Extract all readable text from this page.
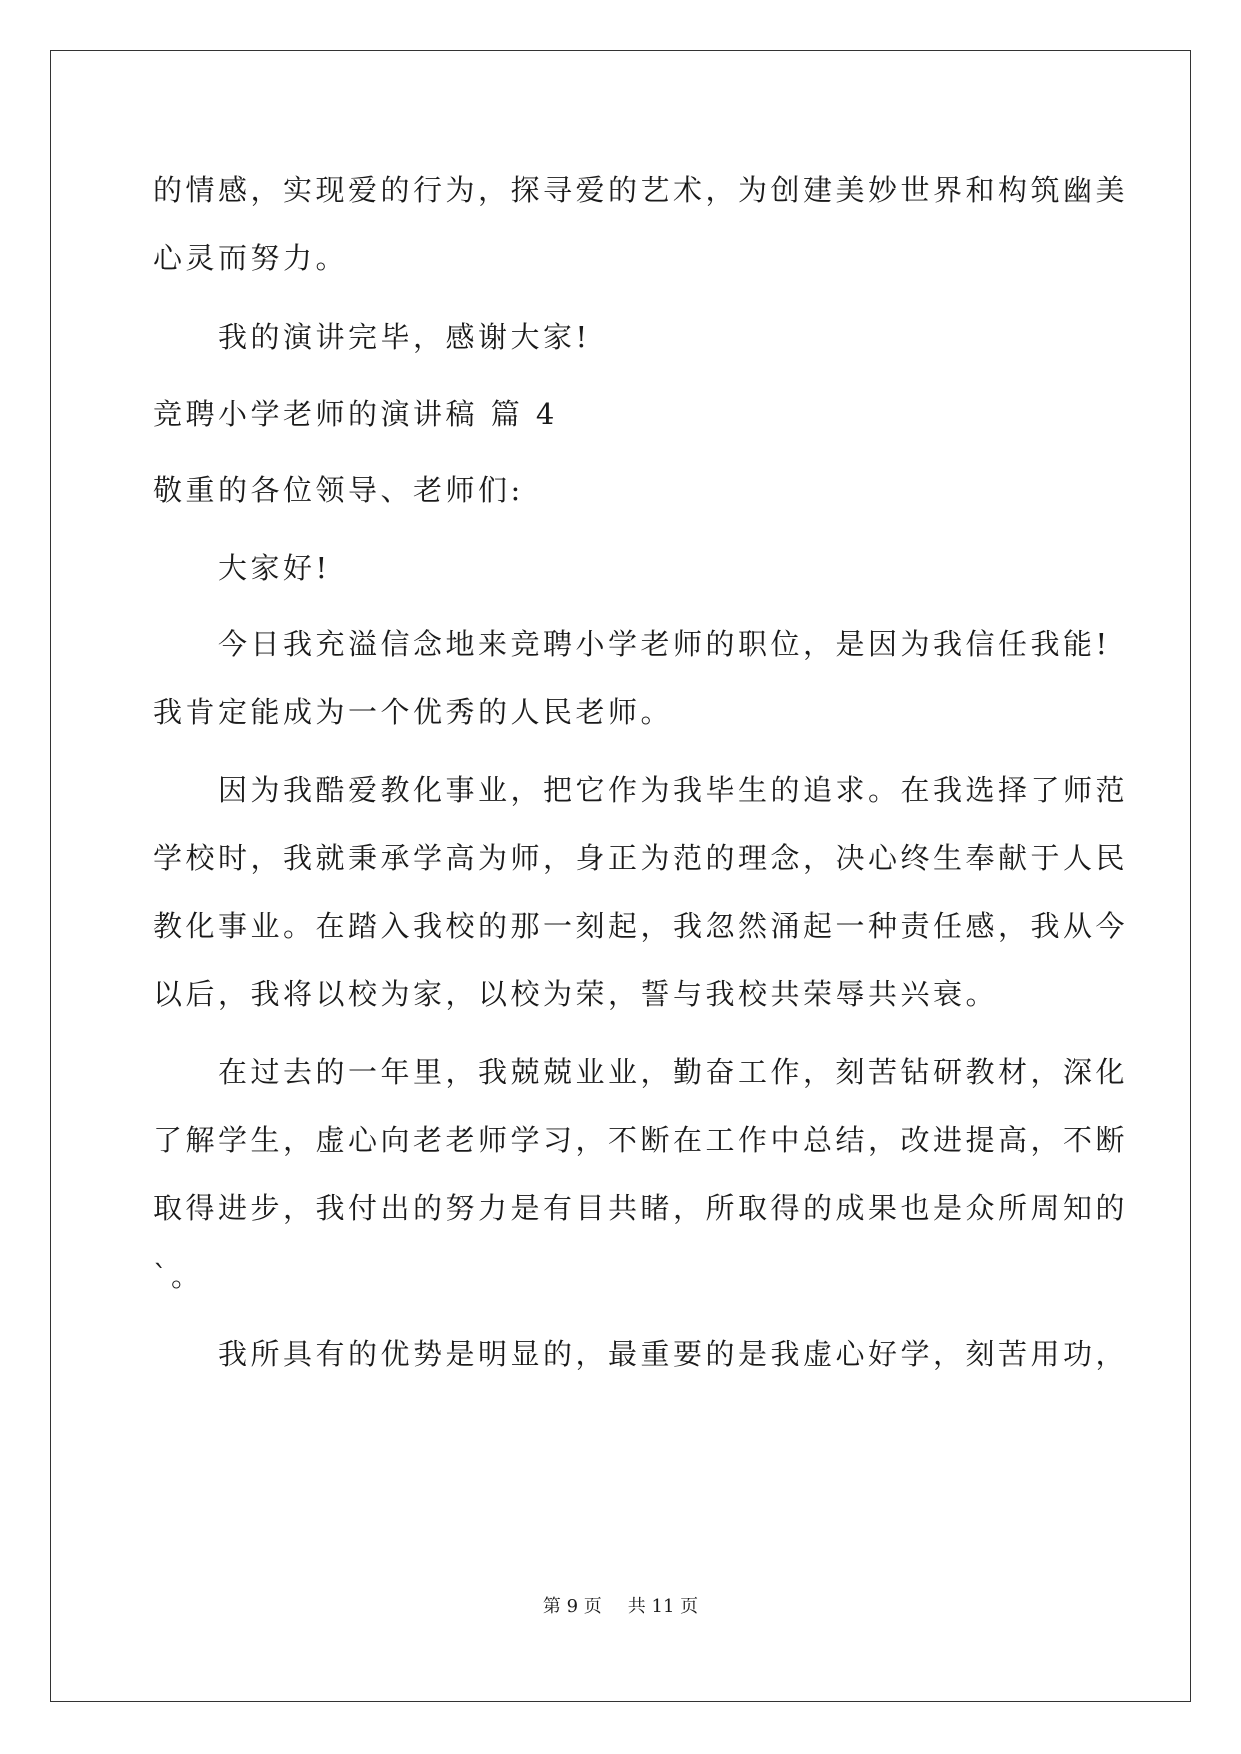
的情感，实现爱的行为，探寻爱的艺术，为创建美妙世界和构筑幽美
心灵而努力。
　　我的演讲完毕，感谢大家!
竞聘小学老师的演讲稿 篇 4
敬重的各位领导、老师们:
　　大家好!
　　今日我充溢信念地来竞聘小学老师的职位，是因为我信任我能!
我肯定能成为一个优秀的人民老师。
　　因为我酷爱教化事业，把它作为我毕生的追求。在我选择了师范
学校时，我就秉承学高为师，身正为范的理念，决心终生奉献于人民
教化事业。在踏入我校的那一刻起，我忽然涌起一种责任感，我从今
以后，我将以校为家，以校为荣，誓与我校共荣辱共兴衰。
　　在过去的一年里，我兢兢业业，勤奋工作，刻苦钻研教材，深化
了解学生，虚心向老老师学习，不断在工作中总结，改进提高，不断
取得进步，我付出的努力是有目共睹，所取得的成果也是众所周知的
`。
　　我所具有的优势是明显的，最重要的是我虚心好学，刻苦用功，
第 9 页 共 11 页
